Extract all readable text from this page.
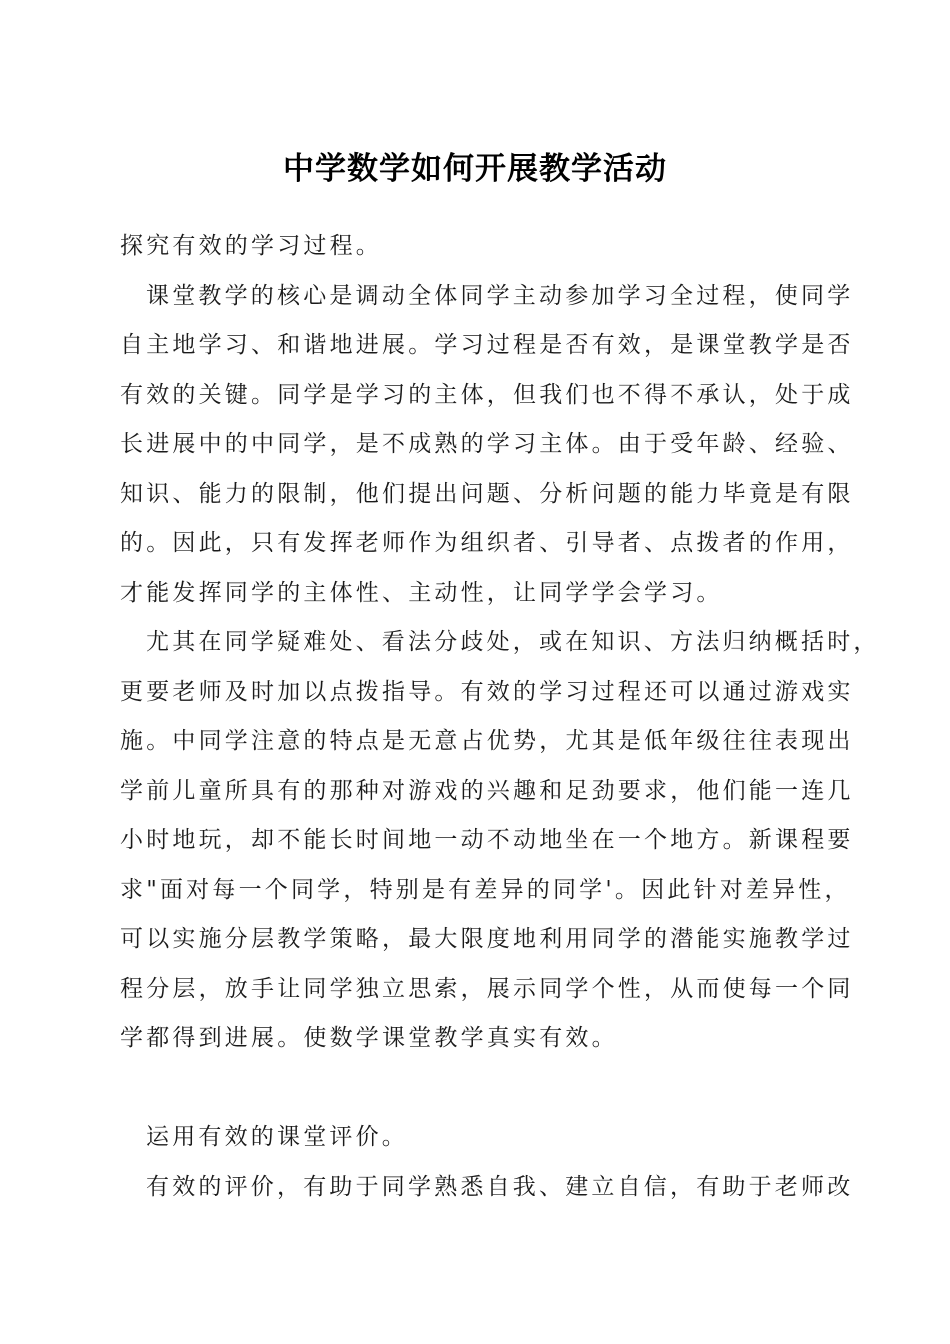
中学数学如何开展教学活动
探究有效的学习过程。
课堂教学的核心是调动全体同学主动参加学习全过程，使同学
自主地学习、和谐地进展。学习过程是否有效，是课堂教学是否
有效的关键。同学是学习的主体，但我们也不得不承认，处于成
长进展中的中同学，是不成熟的学习主体。由于受年龄、经验、
知识、能力的限制，他们提出问题、分析问题的能力毕竟是有限
的。因此，只有发挥老师作为组织者、引导者、点拨者的作用，
才能发挥同学的主体性、主动性，让同学学会学习。
尤其在同学疑难处、看法分歧处，或在知识、方法归纳概括时，
更要老师及时加以点拨指导。有效的学习过程还可以通过游戏实
施。中同学注意的特点是无意占优势，尤其是低年级往往表现出
学前儿童所具有的那种对游戏的兴趣和足劲要求，他们能一连几
小时地玩，却不能长时间地一动不动地坐在一个地方。新课程要
求"面对每一个同学，特别是有差异的同学'。因此针对差异性，
可以实施分层教学策略，最大限度地利用同学的潜能实施教学过
程分层，放手让同学独立思索，展示同学个性，从而使每一个同
学都得到进展。使数学课堂教学真实有效。
运用有效的课堂评价。
有效的评价，有助于同学熟悉自我、建立自信，有助于老师改
